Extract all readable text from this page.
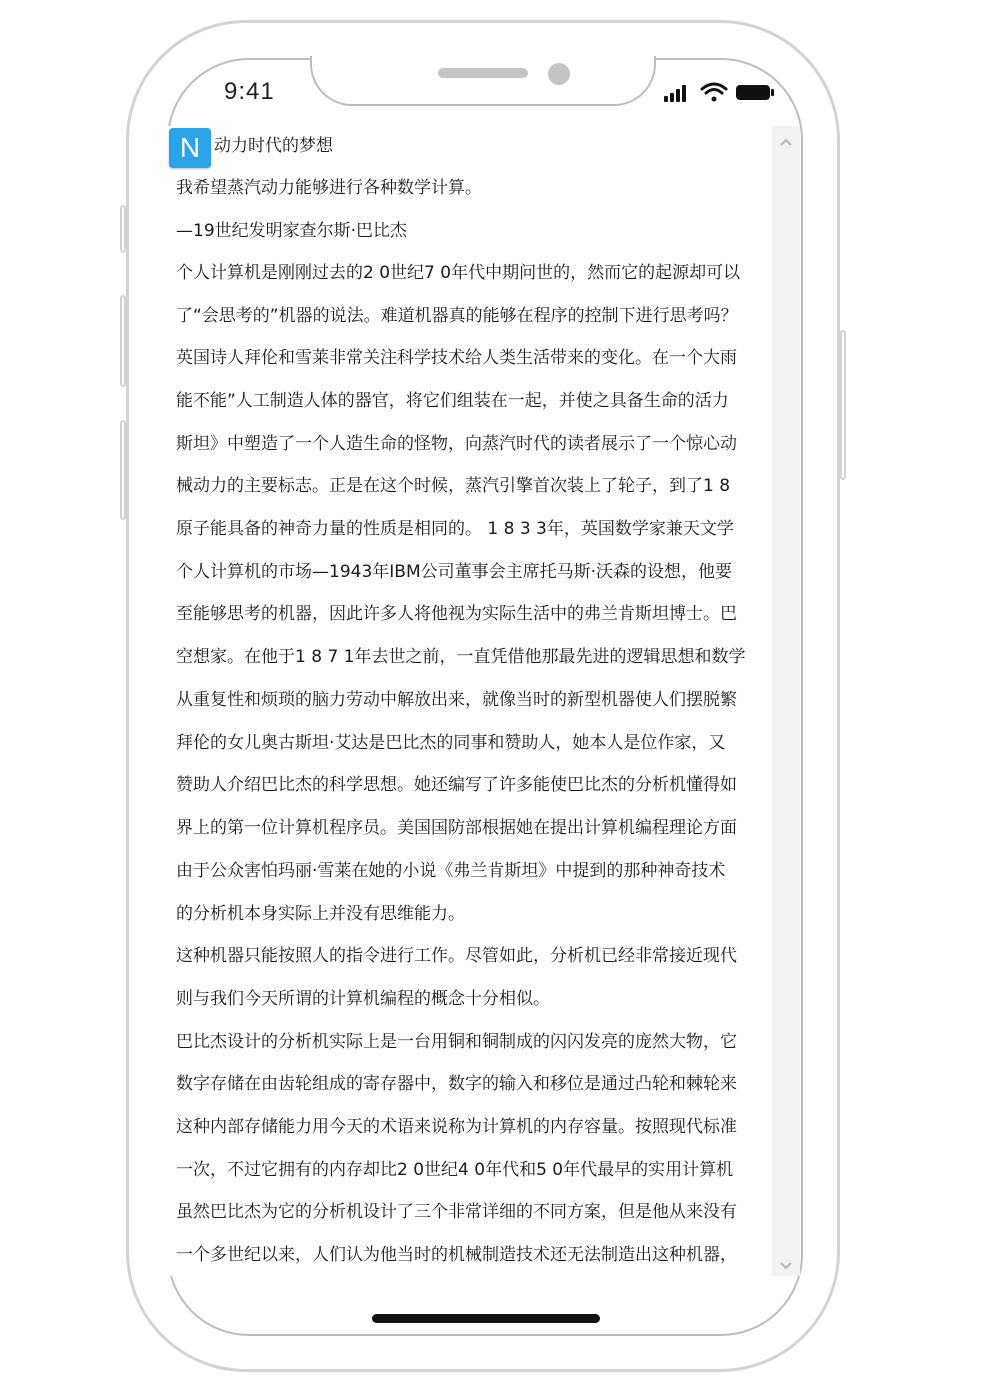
9:41
动力时代的梦想
我希望蒸汽动力能够进行各种数学计算。
—19世纪发明家查尔斯·巴比杰
个人计算机是刚刚过去的2 0世纪7 0年代中期问世的，然而它的起源却可以
了“会思考的”机器的说法。难道机器真的能够在程序的控制下进行思考吗？
英国诗人拜伦和雪莱非常关注科学技术给人类生活带来的变化。在一个大雨
能不能”人工制造人体的器官，将它们组装在一起，并使之具备生命的活力
斯坦》中塑造了一个人造生命的怪物，向蒸汽时代的读者展示了一个惊心动
械动力的主要标志。正是在这个时候，蒸汽引擎首次装上了轮子，到了1 8
原子能具备的神奇力量的性质是相同的。 1 8 3 3年，英国数学家兼天文学
个人计算机的市场—1943年IBM公司董事会主席托马斯·沃森的设想，他要
至能够思考的机器，因此许多人将他视为实际生活中的弗兰肯斯坦博士。巴
空想家。在他于1 8 7 1年去世之前，一直凭借他那最先进的逻辑思想和数学
从重复性和烦琐的脑力劳动中解放出来，就像当时的新型机器使人们摆脱繁
拜伦的女儿奥古斯坦·艾达是巴比杰的同事和赞助人，她本人是位作家，又
赞助人介绍巴比杰的科学思想。她还编写了许多能使巴比杰的分析机懂得如
界上的第一位计算机程序员。美国国防部根据她在提出计算机编程理论方面
由于公众害怕玛丽·雪莱在她的小说《弗兰肯斯坦》中提到的那种神奇技术
的分析机本身实际上并没有思维能力。
这种机器只能按照人的指令进行工作。尽管如此，分析机已经非常接近现代
则与我们今天所谓的计算机编程的概念十分相似。
巴比杰设计的分析机实际上是一台用铜和铜制成的闪闪发亮的庞然大物，它
数字存储在由齿轮组成的寄存器中，数字的输入和移位是通过凸轮和棘轮来
这种内部存储能力用今天的术语来说称为计算机的内存容量。按照现代标准
一次，不过它拥有的内存却比2 0世纪4 0年代和5 0年代最早的实用计算机
虽然巴比杰为它的分析机设计了三个非常详细的不同方案，但是他从来没有
一个多世纪以来，人们认为他当时的机械制造技术还无法制造出这种机器，
N
